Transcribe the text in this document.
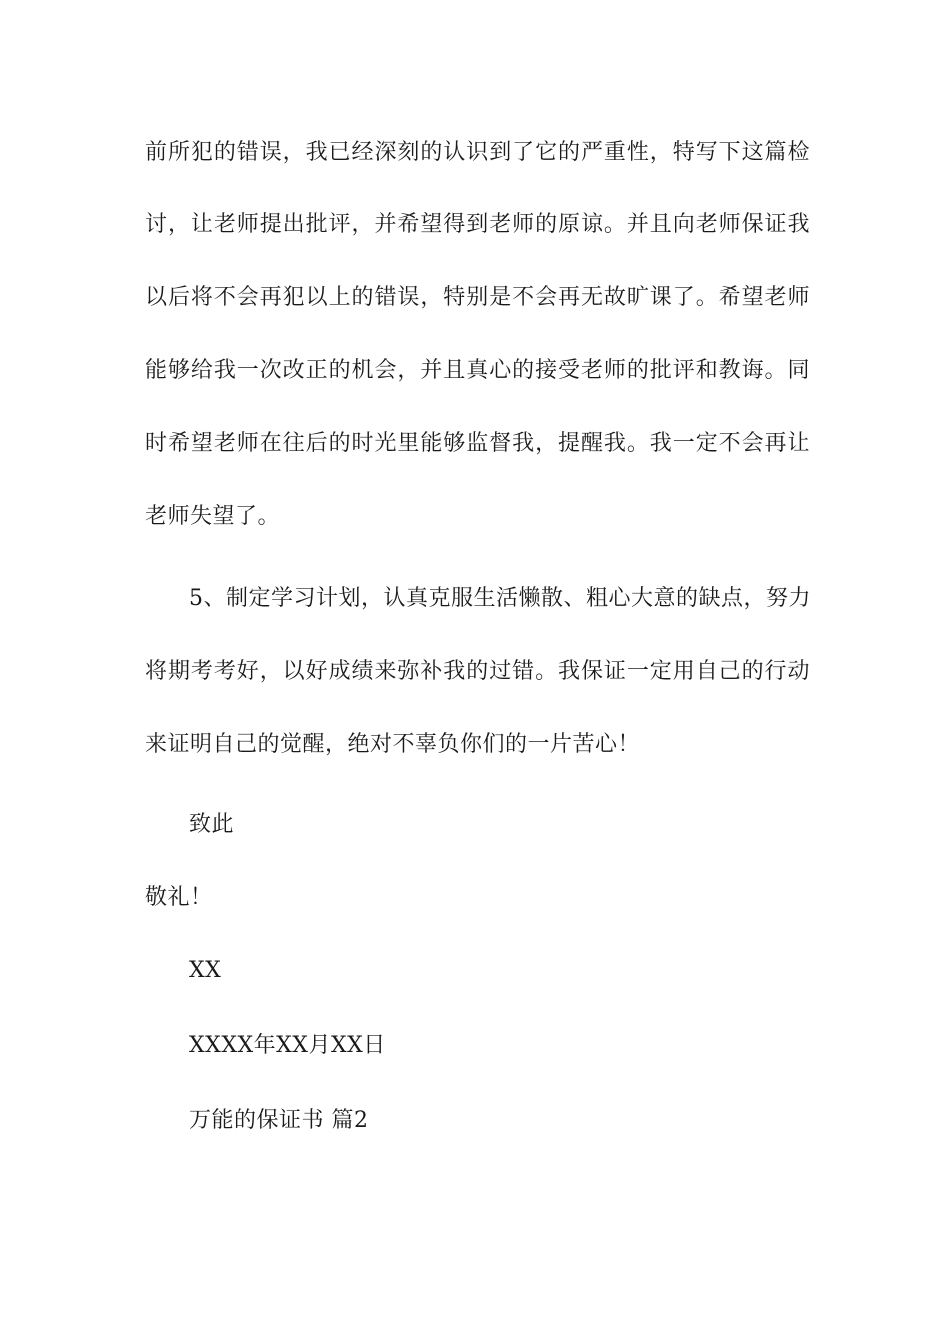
前所犯的错误，我已经深刻的认识到了它的严重性，特写下这篇检
讨，让老师提出批评，并希望得到老师的原谅。并且向老师保证我
以后将不会再犯以上的错误，特别是不会再无故旷课了。希望老师
能够给我一次改正的机会，并且真心的接受老师的批评和教诲。同
时希望老师在往后的时光里能够监督我，提醒我。我一定不会再让
老师失望了。
5、制定学习计划，认真克服生活懒散、粗心大意的缺点，努力
将期考考好，以好成绩来弥补我的过错。我保证一定用自己的行动
来证明自己的觉醒，绝对不辜负你们的一片苦心！
致此
敬礼！
XX
XXXX年XX月XX日
万能的保证书 篇2
